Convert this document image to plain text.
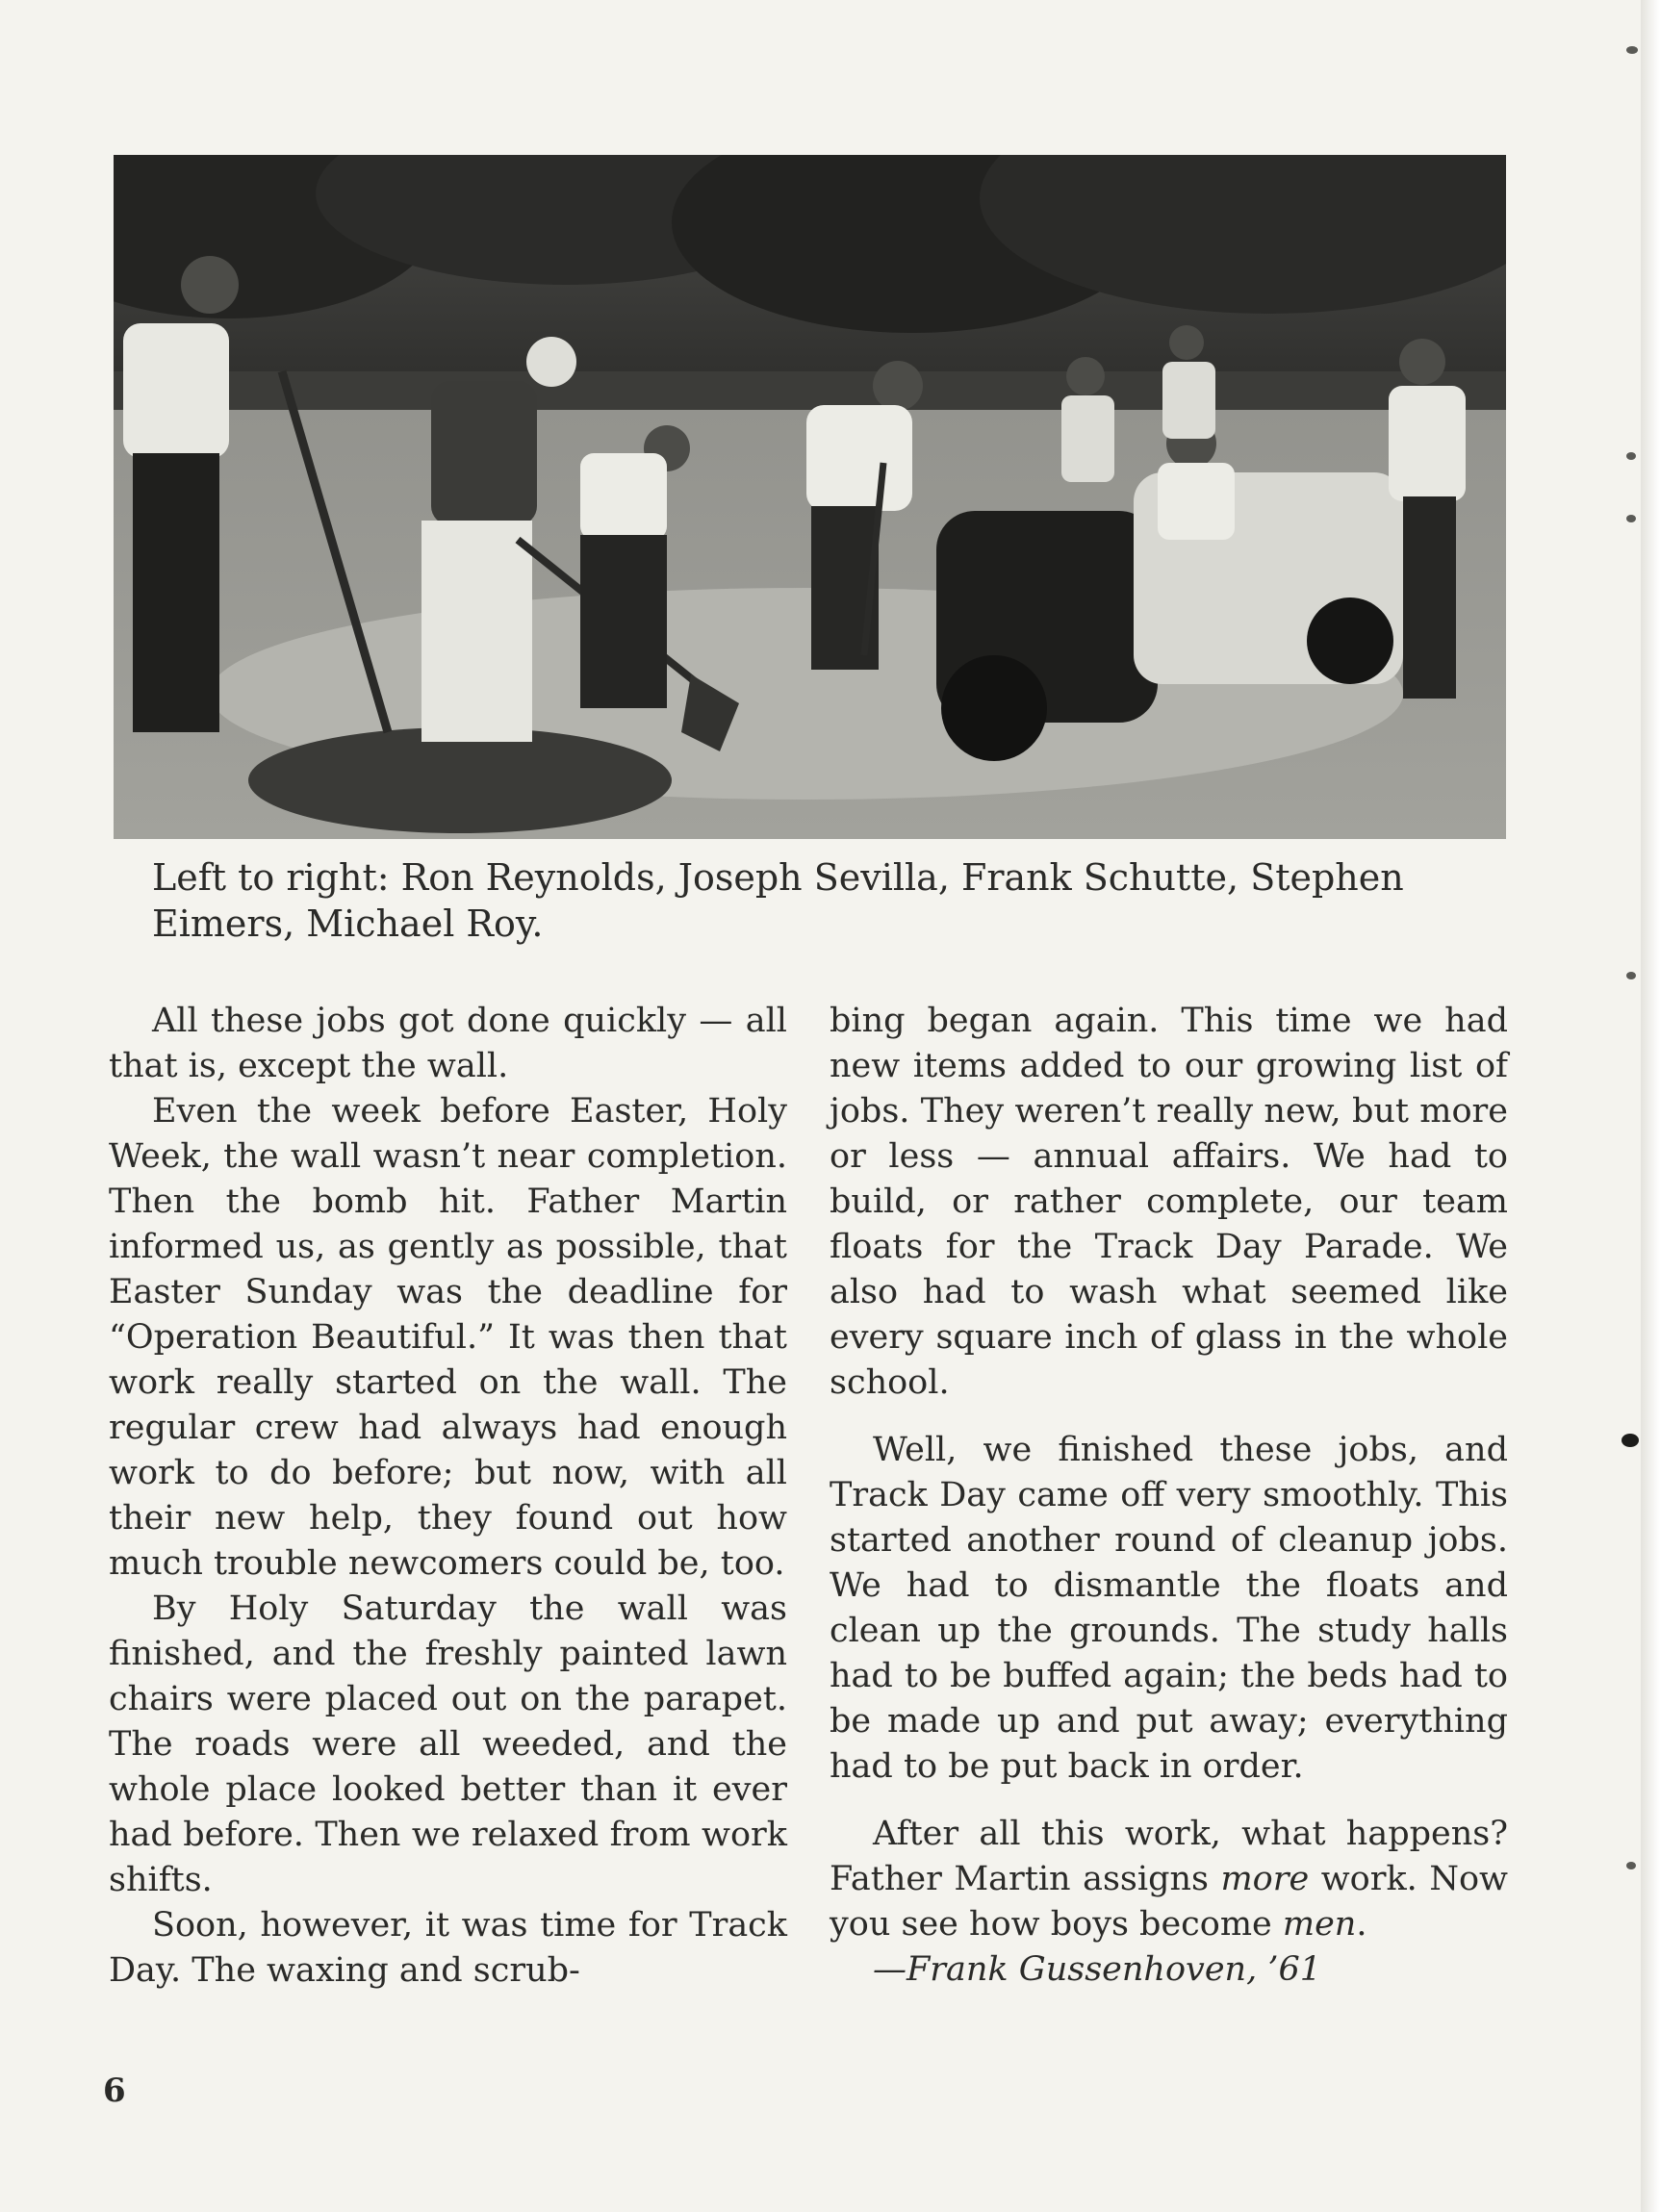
Left to right: Ron Reynolds, Joseph Sevilla, Frank Schutte, Stephen Eimers, Michael Roy.

All these jobs got done quickly — all that is, except the wall.

Even the week before Easter, Holy Week, the wall wasn’t near completion. Then the bomb hit. Father Martin informed us, as gently as possible, that Easter Sunday was the deadline for “Operation Beautiful.” It was then that work really started on the wall. The regular crew had always had enough work to do before; but now, with all their new help, they found out how much trouble newcomers could be, too.

By Holy Saturday the wall was finished, and the freshly painted lawn chairs were placed out on the parapet. The roads were all weeded, and the whole place looked better than it ever had before. Then we relaxed from work shifts.

Soon, however, it was time for Track Day. The waxing and scrub-

bing began again. This time we had new items added to our growing list of jobs. They weren’t really new, but more or less — annual affairs. We had to build, or rather complete, our team floats for the Track Day Parade. We also had to wash what seemed like every square inch of glass in the whole school.

Well, we finished these jobs, and Track Day came off very smoothly. This started another round of cleanup jobs. We had to dismantle the floats and clean up the grounds. The study halls had to be buffed again; the beds had to be made up and put away; everything had to be put back in order.

After all this work, what happens? Father Martin assigns more work. Now you see how boys become men.

—Frank Gussenhoven, ’61

6
